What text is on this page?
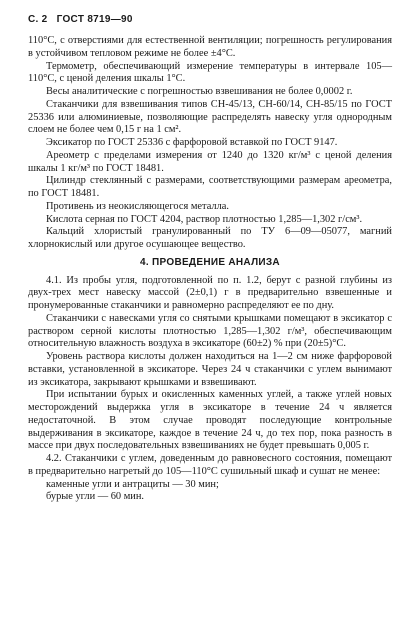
С. 2 ГОСТ 8719—90

110°С, с отверстиями для естественной вентиляции; погрешность регулирования в устойчивом тепловом режиме не более ±4°С.

Термометр, обеспечивающий измерение температуры в интервале 105—110°С, с ценой деления шкалы 1°С.

Весы аналитические с погрешностью взвешивания не более 0,0002 г.

Стаканчики для взвешивания типов СН-45/13, СН-60/14, СН-85/15 по ГОСТ 25336 или алюминиевые, позволяющие распределять навеску угля однородным слоем не более чем 0,15 г на 1 см².

Эксикатор по ГОСТ 25336 с фарфоровой вставкой по ГОСТ 9147.

Ареометр с пределами измерения от 1240 до 1320 кг/м³ с ценой деления шкалы 1 кг/м³ по ГОСТ 18481.

Цилиндр стеклянный с размерами, соответствующими размерам ареометра, по ГОСТ 18481.

Противень из неокисляющегося металла.

Кислота серная по ГОСТ 4204, раствор плотностью 1,285—1,302 г/см³.

Кальций хлористый гранулированный по ТУ 6—09—05077, магний хлорнокислый или другое осушающее вещество.

4. ПРОВЕДЕНИЕ АНАЛИЗА

4.1. Из пробы угля, подготовленной по п. 1.2, берут с разной глубины из двух-трех мест навеску массой (2±0,1) г в предварительно взвешенные и пронумерованные стаканчики и равномерно распределяют ее по дну.

Стаканчики с навесками угля со снятыми крышками помещают в эксикатор с раствором серной кислоты плотностью 1,285—1,302 г/м³, обеспечивающим относительную влажность воздуха в эксикаторе (60±2) % при (20±5)°С.

Уровень раствора кислоты должен находиться на 1—2 см ниже фарфоровой вставки, установленной в эксикаторе. Через 24 ч стаканчики с углем вынимают из эксикатора, закрывают крышками и взвешивают.

При испытании бурых и окисленных каменных углей, а также углей новых месторождений выдержка угля в эксикаторе в течение 24 ч является недостаточной. В этом случае проводят последующие контрольные выдерживания в эксикаторе, каждое в течение 24 ч, до тех пор, пока разность в массе при двух последовательных взвешиваниях не будет превышать 0,005 г.

4.2. Стаканчики с углем, доведенным до равновесного состояния, помещают в предварительно нагретый до 105—110°С сушильный шкаф и сушат не менее:

каменные угли и антрациты — 30 мин;

бурые угли — 60 мин.
